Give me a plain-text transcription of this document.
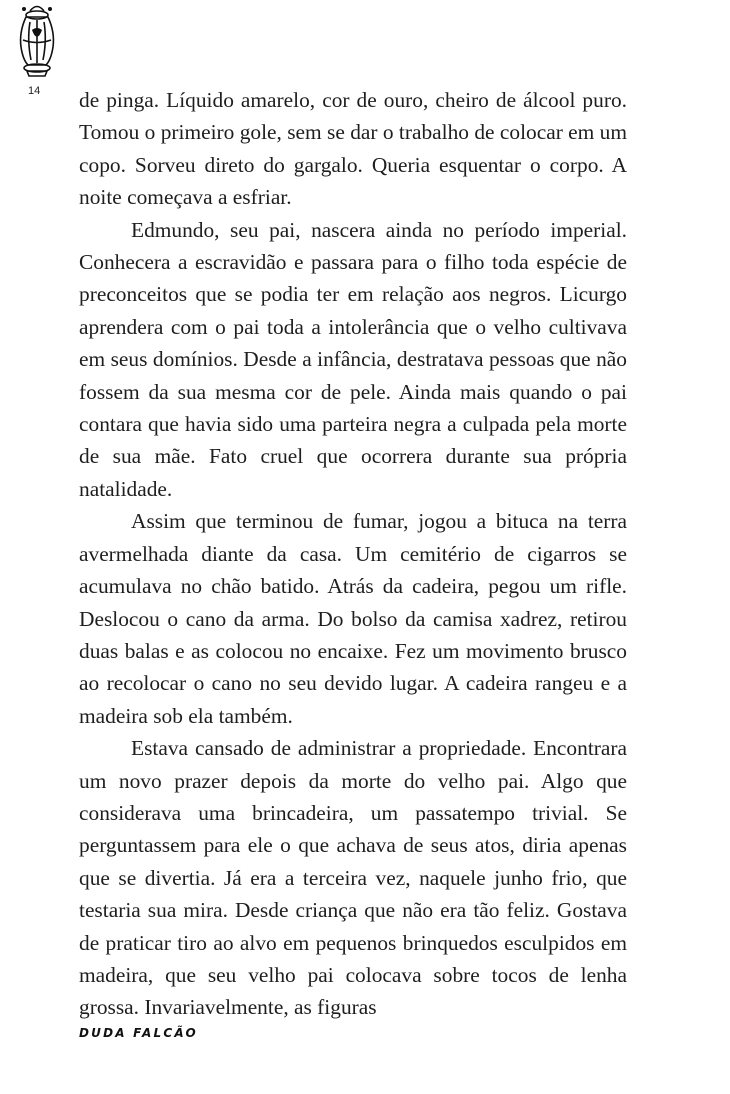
14 de pinga. Líquido amarelo, cor de ouro, cheiro de álcool puro. Tomou o primeiro gole, sem se dar o trabalho de colocar em um copo. Sorveu direto do gargalo. Queria esquentar o corpo. A noite começava a esfriar.

Edmundo, seu pai, nascera ainda no período imperial. Conhecera a escravidão e passara para o filho toda espécie de preconceitos que se podia ter em relação aos negros. Licurgo aprendera com o pai toda a intolerância que o velho cultivava em seus domínios. Desde a infância, destratava pessoas que não fossem da sua mesma cor de pele. Ainda mais quando o pai contara que havia sido uma parteira negra a culpada pela morte de sua mãe. Fato cruel que ocorrera durante sua própria natalidade.

Assim que terminou de fumar, jogou a bituca na terra avermelhada diante da casa. Um cemitério de cigarros se acumulava no chão batido. Atrás da cadeira, pegou um rifle. Deslocou o cano da arma. Do bolso da camisa xadrez, retirou duas balas e as colocou no encaixe. Fez um movimento brusco ao recolocar o cano no seu devido lugar. A cadeira rangeu e a madeira sob ela também.

Estava cansado de administrar a propriedade. Encontrara um novo prazer depois da morte do velho pai. Algo que considerava uma brincadeira, um passatempo trivial. Se perguntassem para ele o que achava de seus atos, diria apenas que se divertia. Já era a terceira vez, naquele junho frio, que testaria sua mira. Desde criança que não era tão feliz. Gostava de praticar tiro ao alvo em pequenos brinquedos esculpidos em madeira, que seu velho pai colocava sobre tocos de lenha grossa. Invariavelmente, as figuras

DUDA FALCÃO
